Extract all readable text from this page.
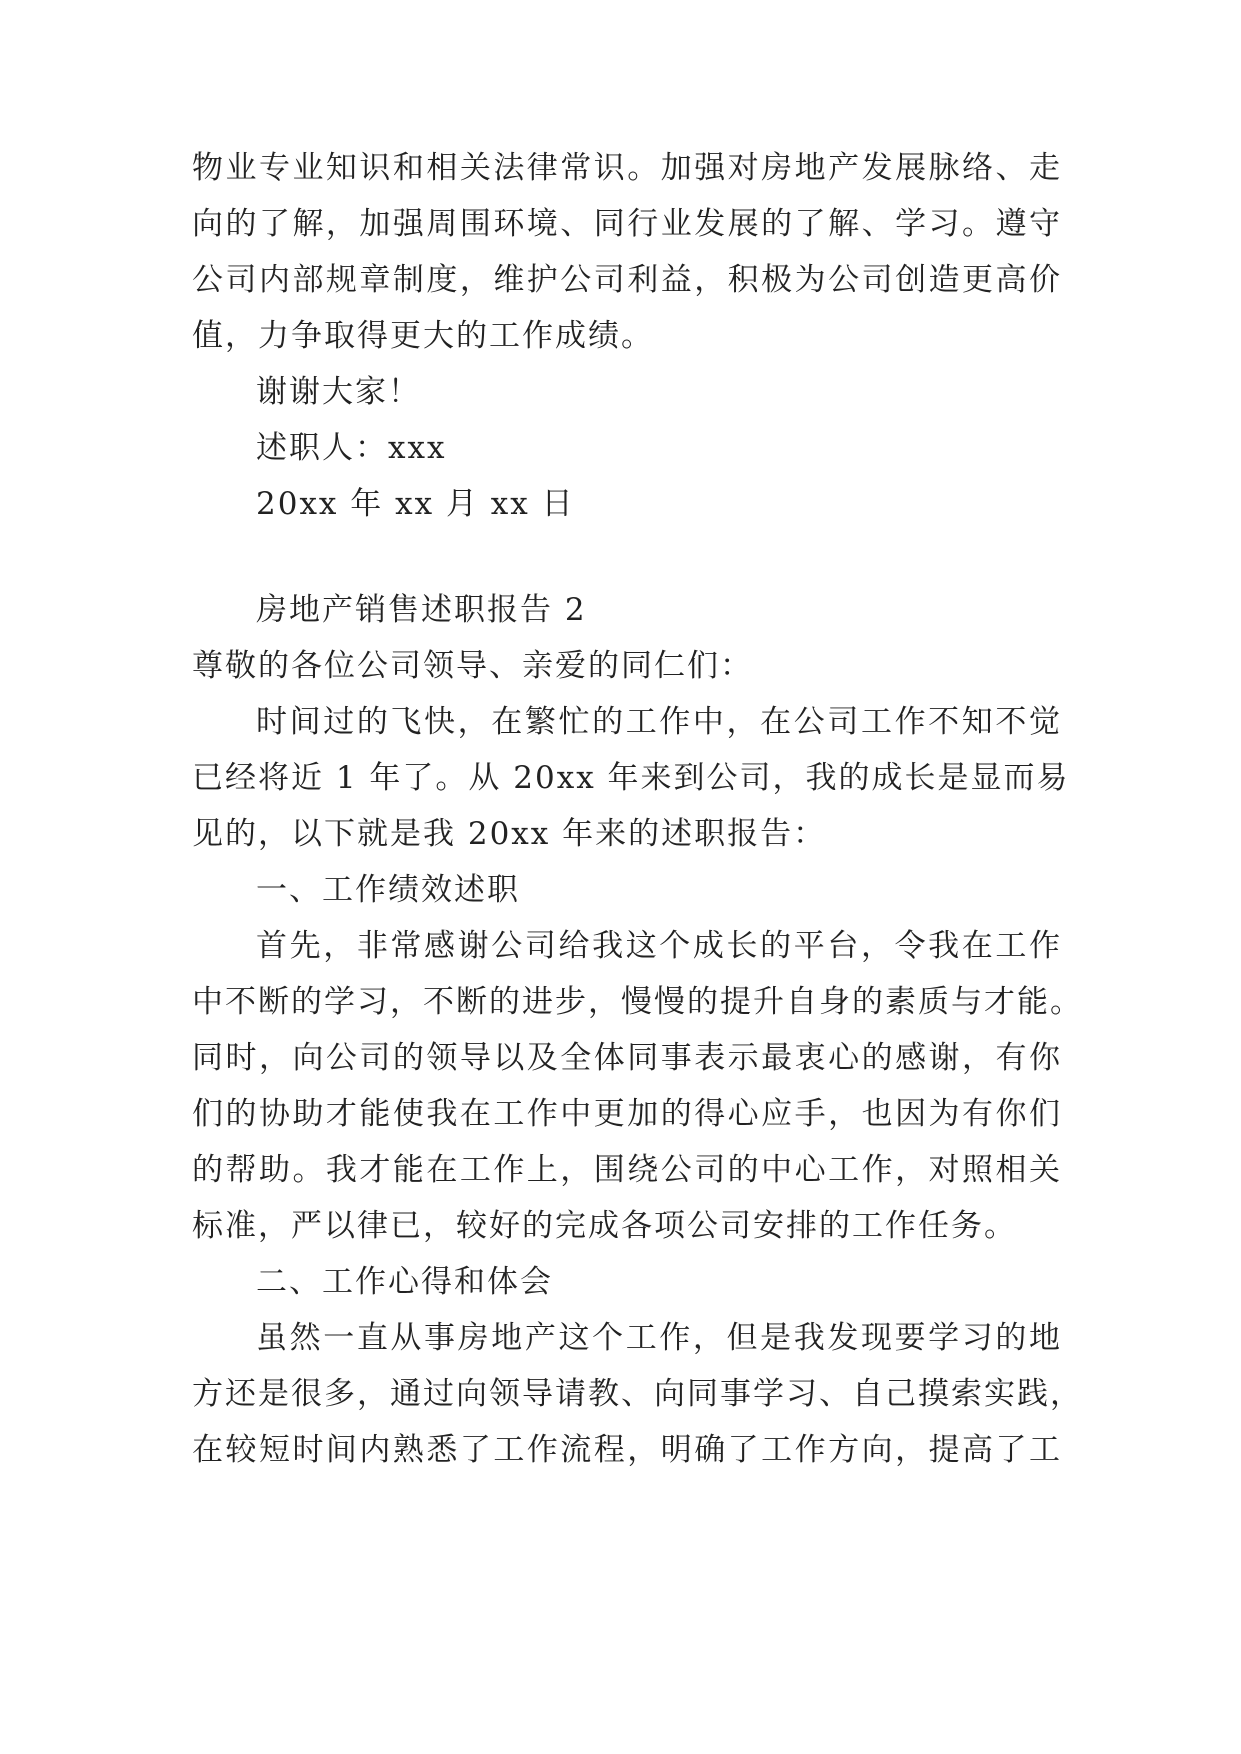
物业专业知识和相关法律常识。加强对房地产发展脉络、走
向的了解，加强周围环境、同行业发展的了解、学习。遵守
公司内部规章制度，维护公司利益，积极为公司创造更高价
值，力争取得更大的工作成绩。
谢谢大家！
述职人：xxx
20xx 年 xx 月 xx 日
房地产销售述职报告 2
尊敬的各位公司领导、亲爱的同仁们：
时间过的飞快，在繁忙的工作中，在公司工作不知不觉
已经将近 1 年了。从 20xx 年来到公司，我的成长是显而易
见的，以下就是我 20xx 年来的述职报告：
一、工作绩效述职
首先，非常感谢公司给我这个成长的平台，令我在工作
中不断的学习，不断的进步，慢慢的提升自身的素质与才能。
同时，向公司的领导以及全体同事表示最衷心的感谢，有你
们的协助才能使我在工作中更加的得心应手，也因为有你们
的帮助。我才能在工作上，围绕公司的中心工作，对照相关
标准，严以律已，较好的完成各项公司安排的工作任务。
二、工作心得和体会
虽然一直从事房地产这个工作，但是我发现要学习的地
方还是很多，通过向领导请教、向同事学习、自己摸索实践，
在较短时间内熟悉了工作流程，明确了工作方向，提高了工
